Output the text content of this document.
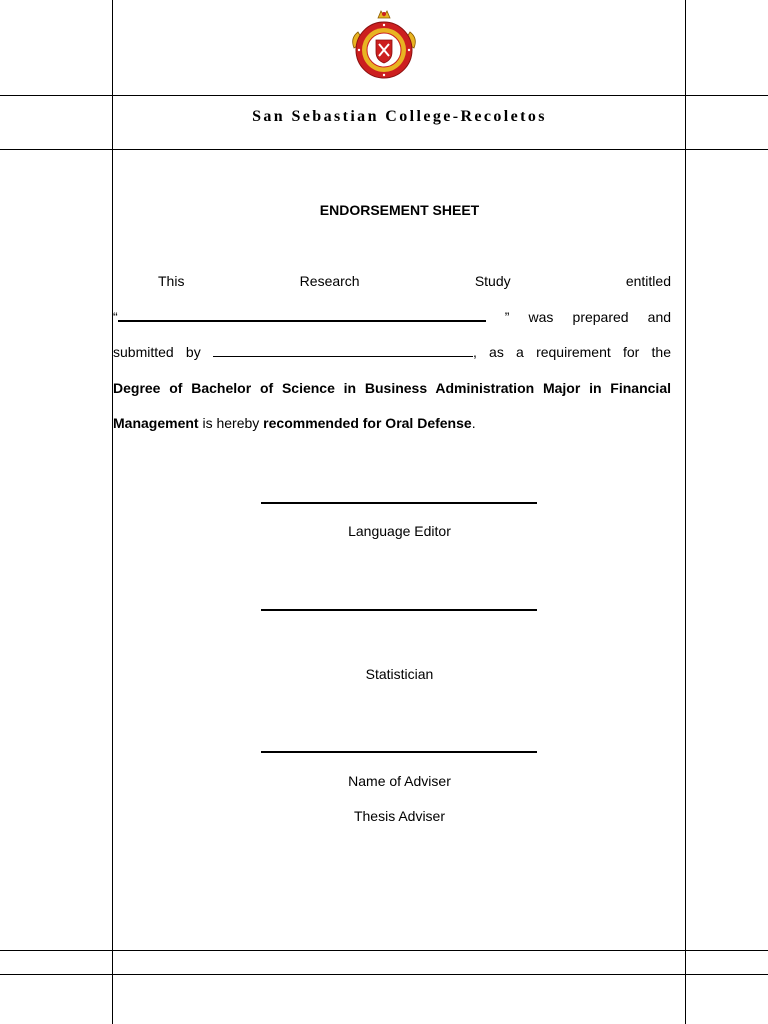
San Sebastian College-Recoletos
ENDORSEMENT SHEET
This	Research	Study	entitled
“	” was prepared and
submitted by	, as a requirement for the
Degree of Bachelor of Science in Business Administration Major in Financial
Management is hereby recommended for Oral Defense.
Language Editor
Statistician
Name of Adviser
Thesis Adviser
